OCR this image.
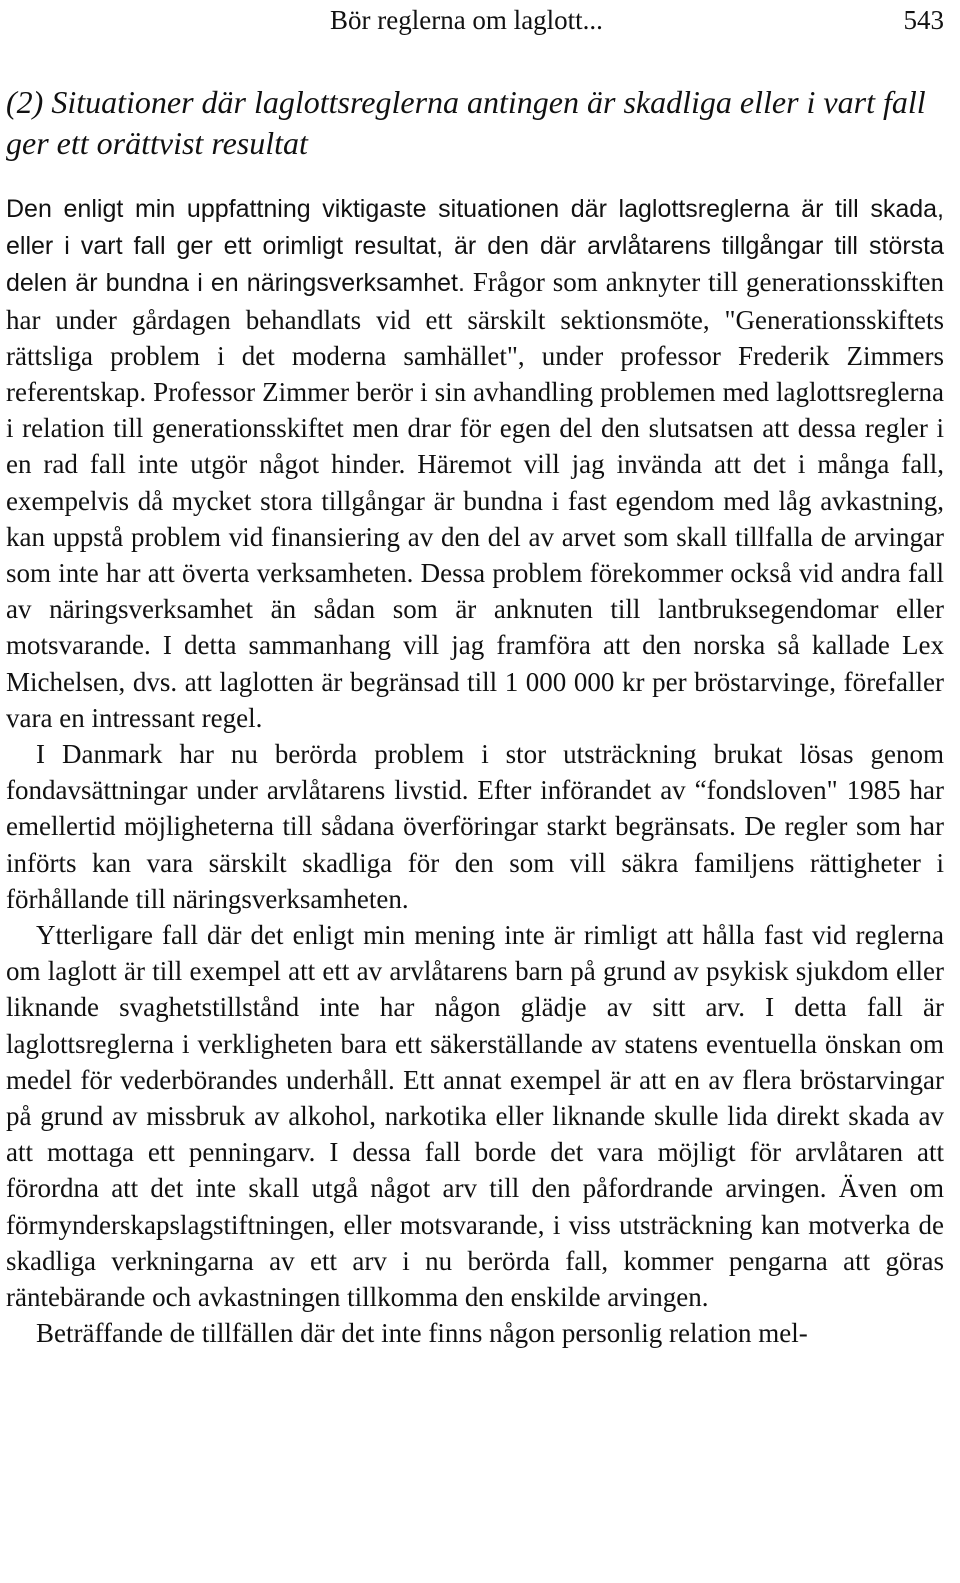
Bör reglerna om laglott...	543
(2) Situationer där laglottsreglerna antingen är skadliga eller i vart fall ger ett orättvist resultat

Den enligt min uppfattning viktigaste situationen där laglottsreglerna är till skada, eller i vart fall ger ett orimligt resultat, är den där arvlåtarens tillgångar till största delen är bundna i en näringsverksamhet. Frågor som anknyter till generationsskiften har under gårdagen behandlats vid ett särskilt sektionsmöte, "Generationsskiftets rättsliga problem i det moderna samhället", under professor Frederik Zimmers referentskap. Professor Zimmer berör i sin avhandling problemen med laglottsreglerna i relation till generationsskiftet men drar för egen del den slutsatsen att dessa regler i en rad fall inte utgör något hinder. Häremot vill jag invända att det i många fall, exempelvis då mycket stora tillgångar är bundna i fast egendom med låg avkastning, kan uppstå problem vid finansiering av den del av arvet som skall tillfalla de arvingar som inte har att överta verksamheten. Dessa problem förekommer också vid andra fall av näringsverksamhet än sådan som är anknuten till lantbruksegendomar eller motsvarande. I detta sammanhang vill jag framföra att den norska så kallade Lex Michelsen, dvs. att laglotten är begränsad till 1 000 000 kr per bröstarvinge, förefaller vara en intressant regel.

I Danmark har nu berörda problem i stor utsträckning brukat lösas genom fondavsättningar under arvlåtarens livstid. Efter införandet av “fondsloven" 1985 har emellertid möjligheterna till sådana överföringar starkt begränsats. De regler som har införts kan vara särskilt skadliga för den som vill säkra familjens rättigheter i förhållande till näringsverksamheten.

Ytterligare fall där det enligt min mening inte är rimligt att hålla fast vid reglerna om laglott är till exempel att ett av arvlåtarens barn på grund av psykisk sjukdom eller liknande svaghetstillstånd inte har någon glädje av sitt arv. I detta fall är laglottsreglerna i verkligheten bara ett säkerställande av statens eventuella önskan om medel för vederbörandes underhåll. Ett annat exempel är att en av flera bröstarvingar på grund av missbruk av alkohol, narkotika eller liknande skulle lida direkt skada av att mottaga ett penningarv. I dessa fall borde det vara möjligt för arvlåtaren att förordna att det inte skall utgå något arv till den påfordrande arvingen. Även om förmynderskapslagstiftningen, eller motsvarande, i viss utsträckning kan motverka de skadliga verkningarna av ett arv i nu berörda fall, kommer pengarna att göras räntebärande och avkastningen tillkomma den enskilde arvingen.

Beträffande de tillfällen där det inte finns någon personlig relation mel-
